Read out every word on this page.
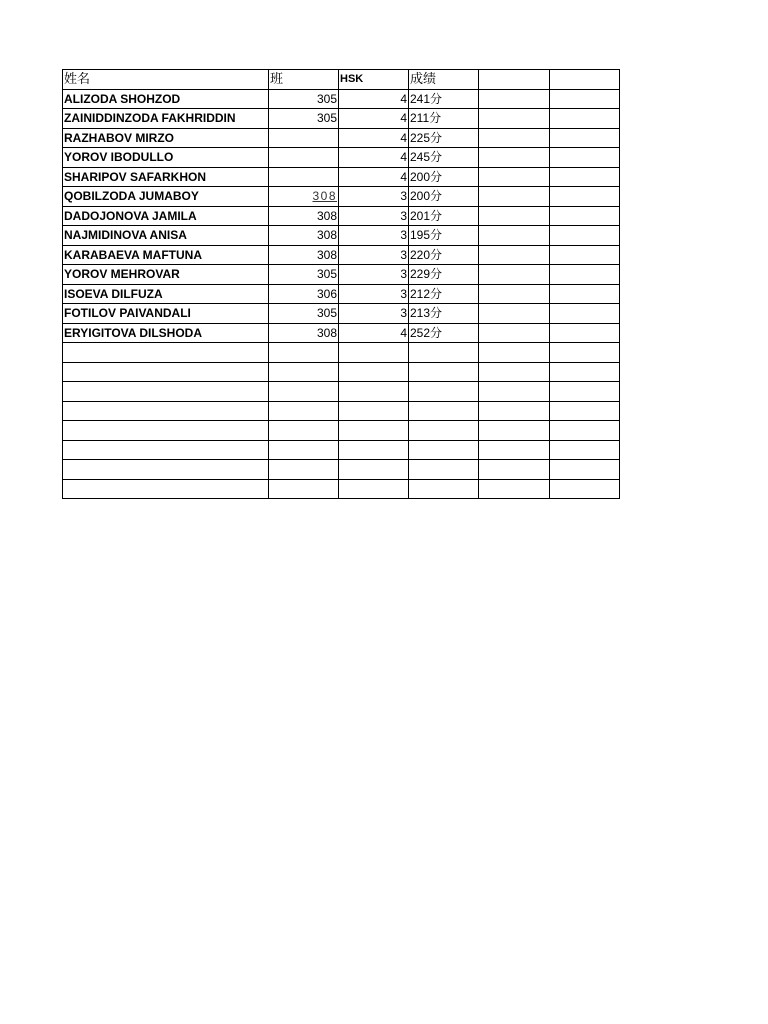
姓名	班	HSK	成绩		
ALIZODA SHOHZOD	305	4	241分		
ZAINIDDINZODA FAKHRIDDIN	305	4	211分		
RAZHABOV MIRZO		4	225分		
YOROV IBODULLO		4	245分		
SHARIPOV SAFARKHON		4	200分		
QOBILZODA JUMABOY	308	3	200分		
DADOJONOVA JAMILA	308	3	201分		
NAJMIDINOVA ANISA	308	3	195分		
KARABAEVA MAFTUNA	308	3	220分		
YOROV MEHROVAR	305	3	229分		
ISOEVA DILFUZA	306	3	212分		
FOTILOV PAIVANDALI	305	3	213分		
ERYIGITOVA DILSHODA	308	4	252分		
